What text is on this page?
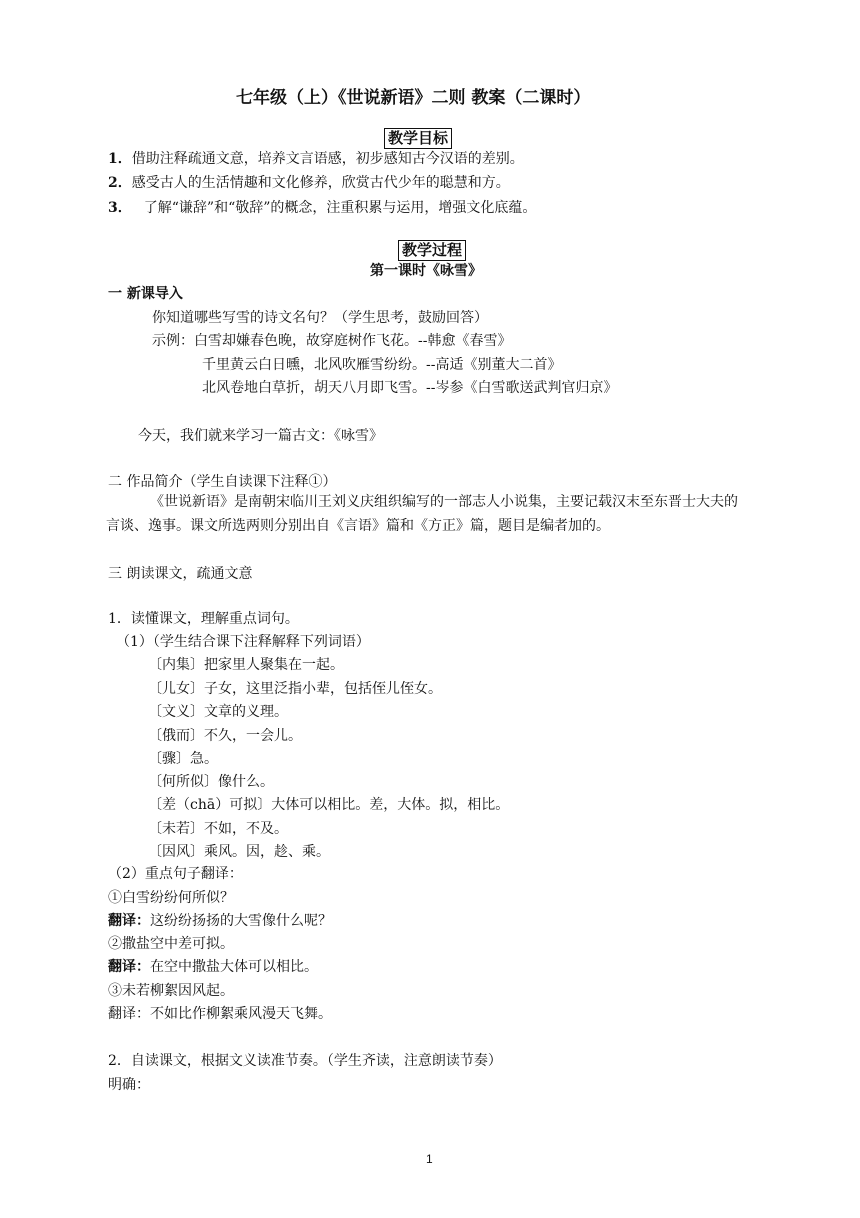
七年级（上）《世说新语》二则 教案（二课时）
教学目标
1．借助注释疏通文意，培养文言语感，初步感知古今汉语的差别。
2．感受古人的生活情趣和文化修养，欣赏古代少年的聪慧和方。
3． 了解“谦辞”和“敬辞”的概念，注重积累与运用，增强文化底蕴。
教学过程
第一课时《咏雪》
一 新课导入
你知道哪些写雪的诗文名句？（学生思考，鼓励回答）
示例：白雪却嫌春色晚，故穿庭树作飞花。--韩愈《春雪》
千里黄云白日曛，北风吹雁雪纷纷。--高适《别董大二首》
北风卷地白草折，胡天八月即飞雪。--岑参《白雪歌送武判官归京》
今天，我们就来学习一篇古文：《咏雪》
二 作品简介（学生自读课下注释①）
《世说新语》是南朝宋临川王刘义庆组织编写的一部志人小说集，主要记载汉末至东晋士大夫的言谈、逸事。课文所选两则分别出自《言语》篇和《方正》篇，题目是编者加的。
三 朗读课文，疏通文意
1．读懂课文，理解重点词句。
（1）（学生结合课下注释解释下列词语）
〔内集〕把家里人聚集在一起。
〔儿女〕子女，这里泛指小辈，包括侄儿侄女。
〔文义〕文章的义理。
〔俄而〕不久，一会儿。
〔骤〕急。
〔何所似〕像什么。
〔差（chā）可拟〕大体可以相比。差，大体。拟，相比。
〔未若〕不如，不及。
〔因风〕乘风。因，趁、乘。
（2）重点句子翻译：
①白雪纷纷何所似？
翻译：这纷纷扬扬的大雪像什么呢？
②撒盐空中差可拟。
翻译：在空中撒盐大体可以相比。
③未若柳絮因风起。
翻译：不如比作柳絮乘风漫天飞舞。
2．自读课文，根据文义读准节奏。（学生齐读，注意朗读节奏）
明确：
1
